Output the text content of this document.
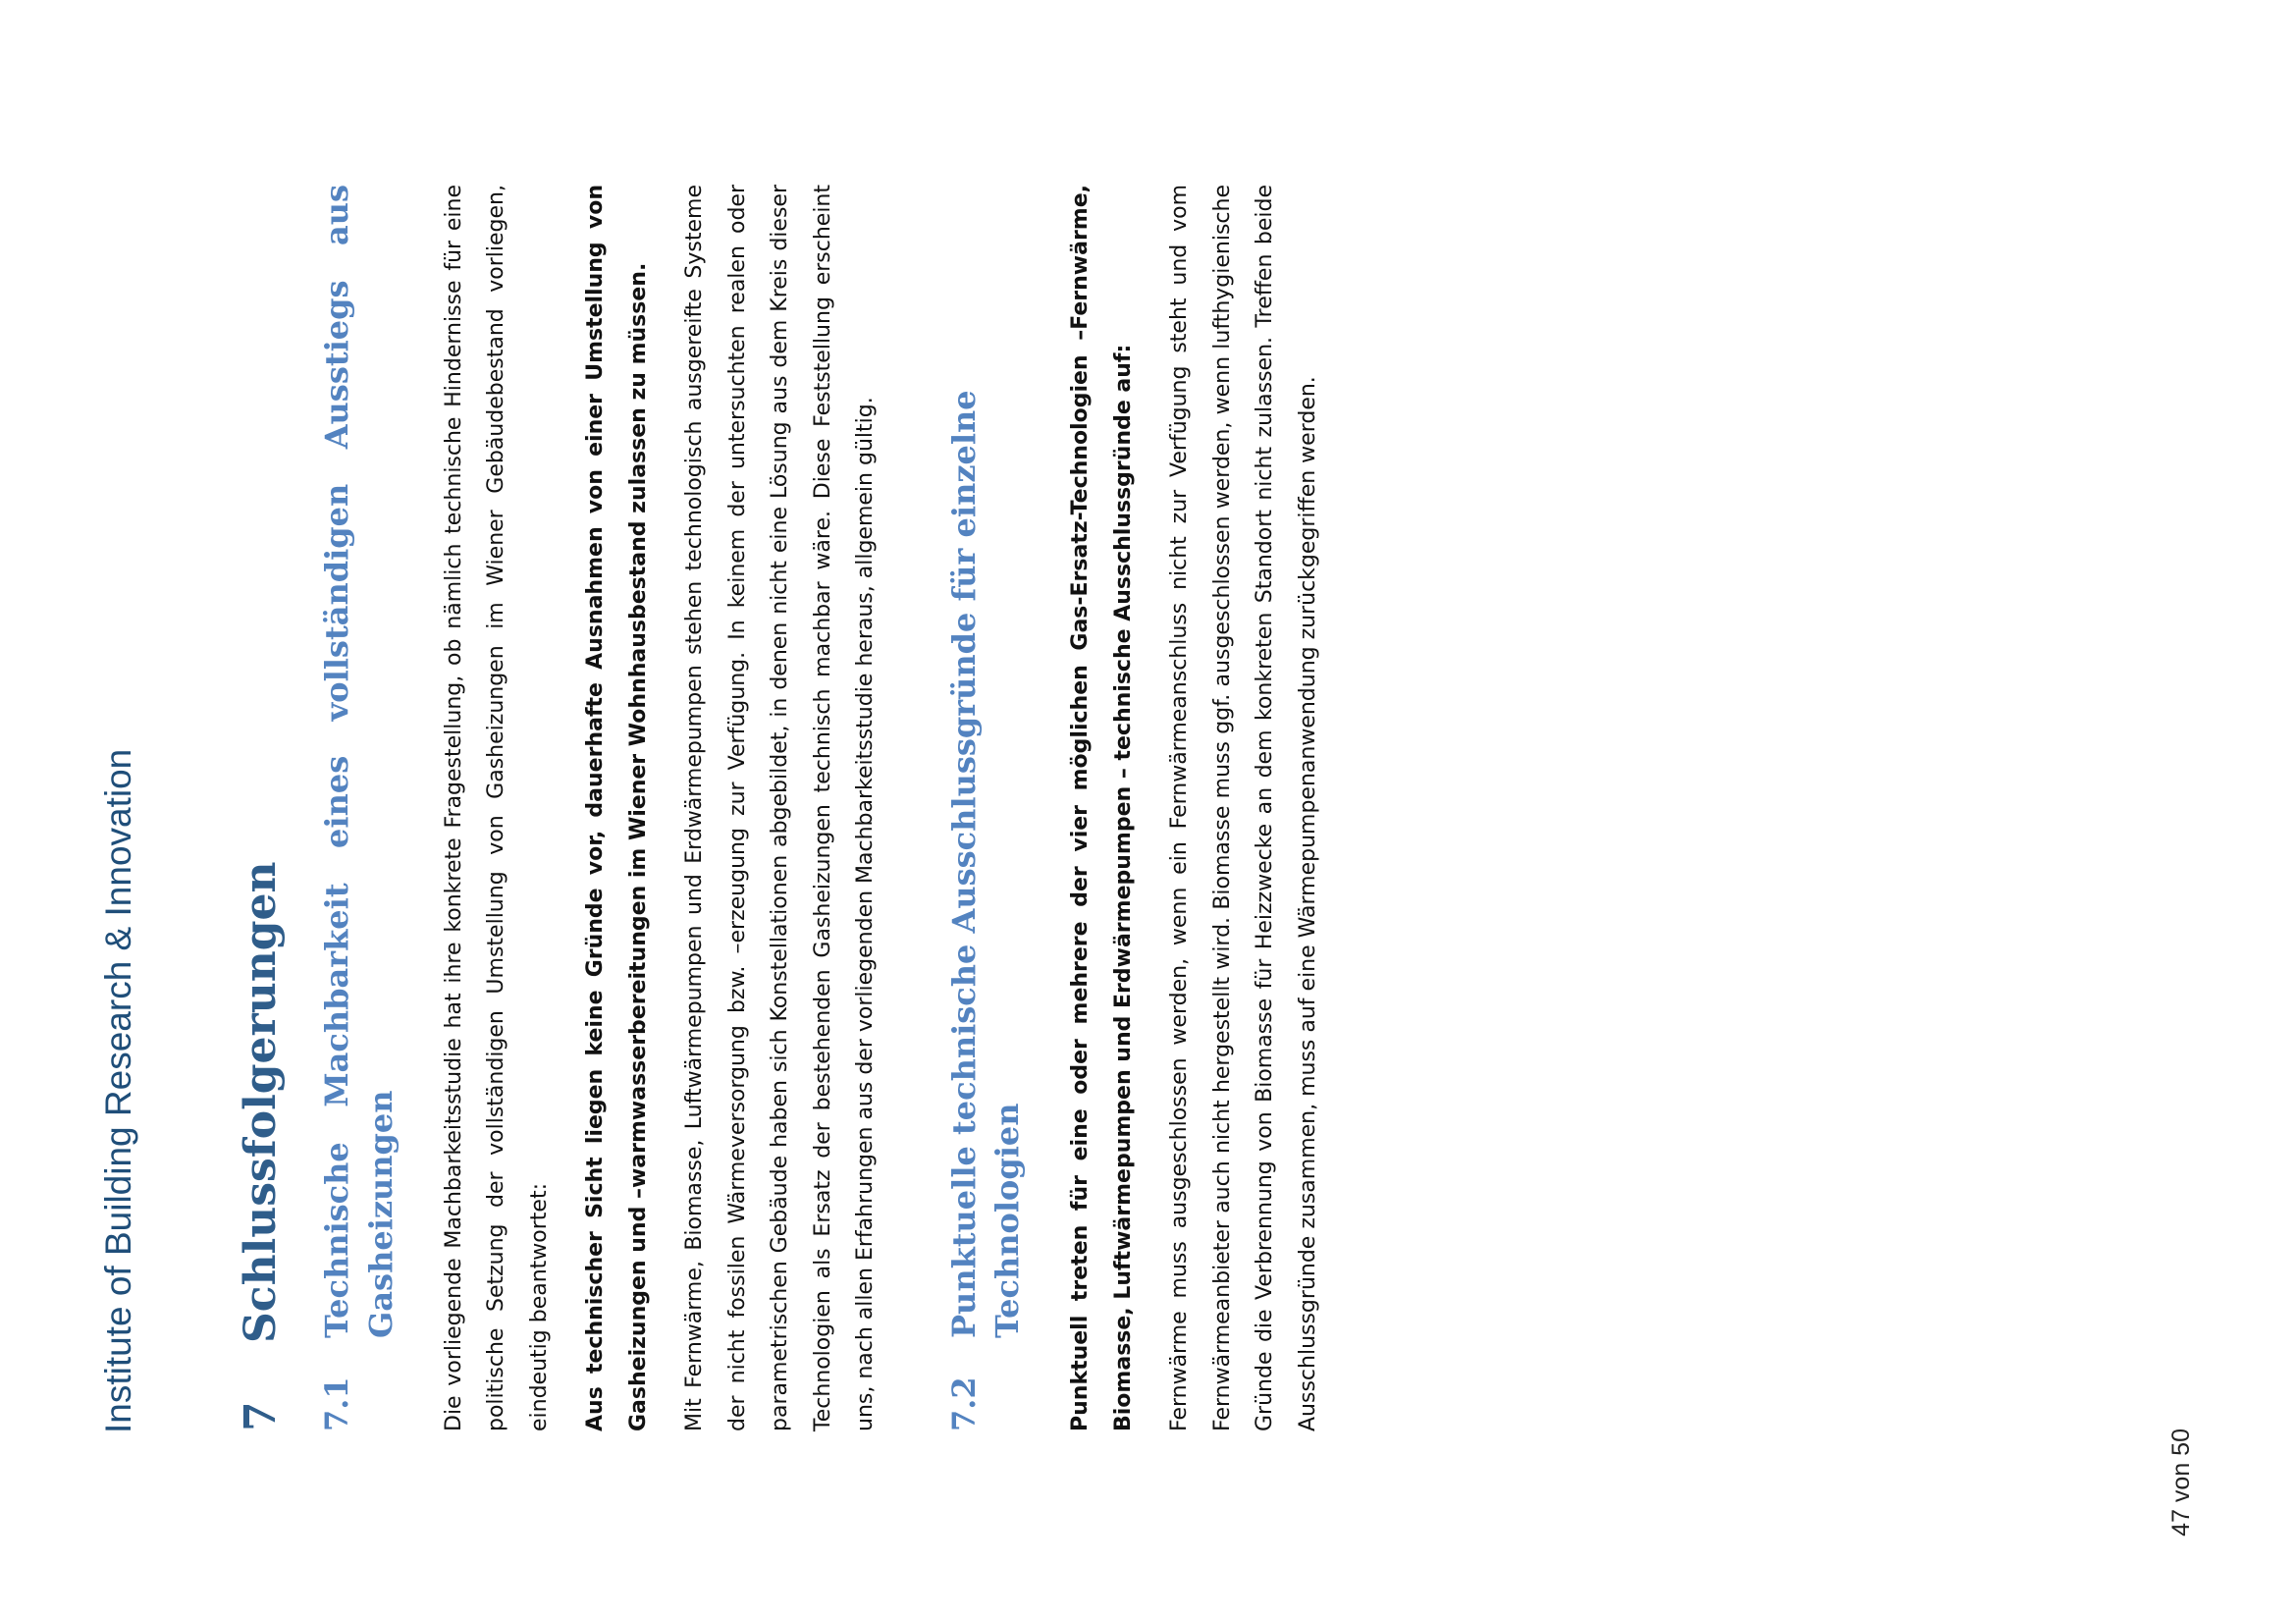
Institute of Building Research & Innovation 7
Schlussfolgerungen
7.1
Technische Machbarkeit eines vollständigen Ausstiegs aus Gasheizungen	Die vorliegende Machbarkeitsstudie hat ihre konkrete Fragestellung, ob nämlich technische Hindernisse für eine politische Setzung der vollständigen Umstellung von Gasheizungen im Wiener Gebäudebestand vorliegen, eindeutig beantwortet:	Aus technischer Sicht liegen keine Gründe vor, dauerhafte Ausnahmen von einer Umstellung von Gasheizungen und –warmwasserbereitungen im Wiener Wohnhausbestand zulassen zu müssen.	Mit Fernwärme, Biomasse, Luftwärmepumpen und Erdwärmepumpen stehen technologisch ausgereifte Systeme der nicht fossilen Wärmeversorgung bzw. –erzeugung zur Verfügung. In keinem der untersuchten realen oder parametrischen Gebäude haben sich Konstellationen abgebildet, in denen nicht eine Lösung aus dem Kreis dieser Technologien als Ersatz der bestehenden Gasheizungen technisch machbar wäre. Diese Feststellung erscheint uns, nach allen Erfahrungen aus der vorliegenden Machbarkeitsstudie heraus, allgemein gültig. 7.2
Punktuelle technische Ausschlussgründe für einzelne Technologien	Punktuell treten für eine oder mehrere der vier möglichen Gas-Ersatz-Technologien –Fernwärme, Biomasse, Luftwärmepumpen und Erdwärmepumpen – technische Ausschlussgründe auf:	Fernwärme muss ausgeschlossen werden, wenn ein Fernwärmeanschluss nicht zur Verfügung steht und vom Fernwärmeanbieter auch nicht hergestellt wird. Biomasse muss ggf. ausgeschlossen werden, wenn lufthygienische Gründe die Verbrennung von Biomasse für Heizzwecke an dem konkreten Standort nicht zulassen. Treffen beide Ausschlussgründe zusammen, muss auf eine Wärmepumpenanwendung zurückgegriffen werden.

47 von 50
